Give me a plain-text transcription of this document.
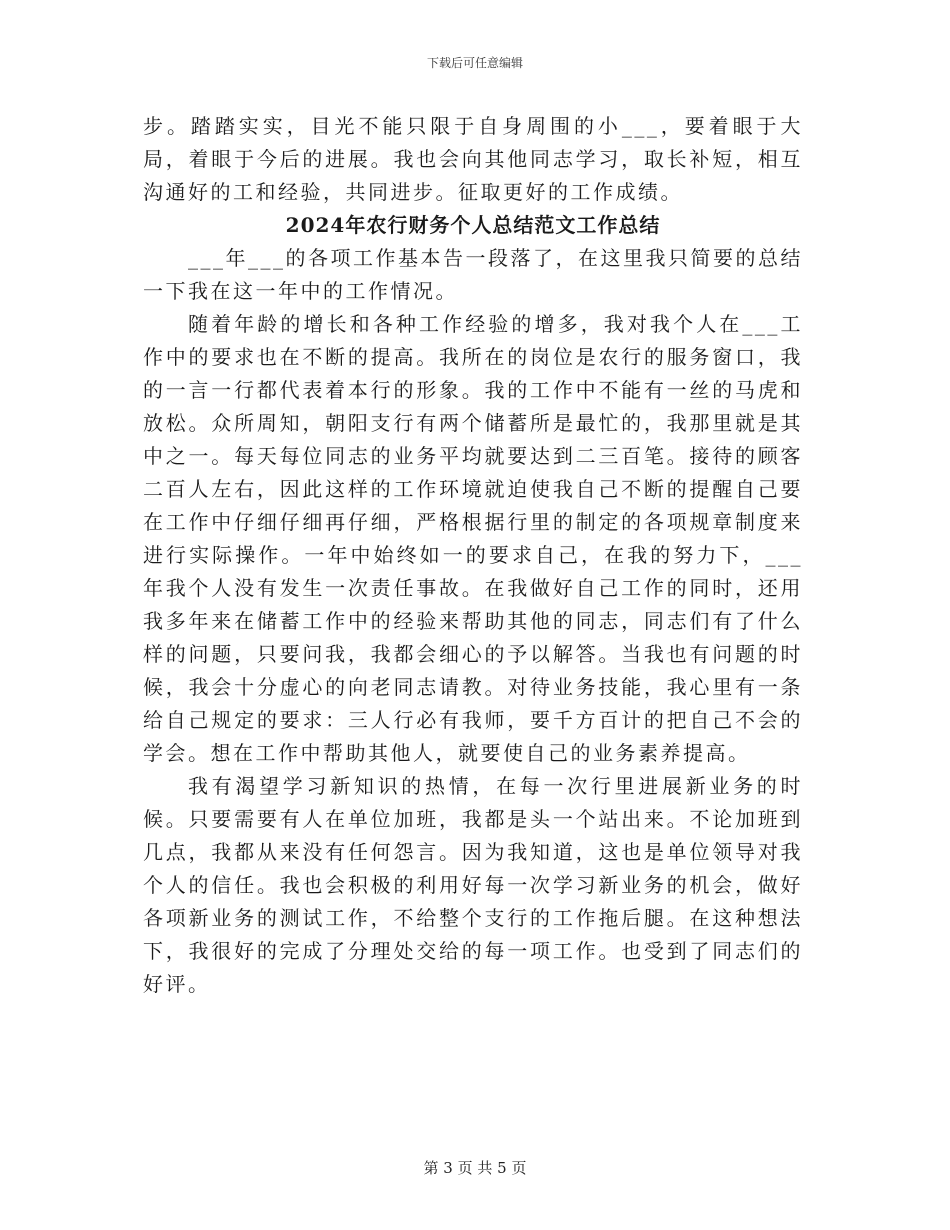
下载后可任意编辑

步。踏踏实实，目光不能只限于自身周围的小___，要着眼于大局，着眼于今后的进展。我也会向其他同志学习，取长补短，相互沟通好的工和经验，共同进步。征取更好的工作成绩。

2024年农行财务个人总结范文工作总结

___年___的各项工作基本告一段落了，在这里我只简要的总结一下我在这一年中的工作情况。

随着年龄的增长和各种工作经验的增多，我对我个人在___工作中的要求也在不断的提高。我所在的岗位是农行的服务窗口，我的一言一行都代表着本行的形象。我的工作中不能有一丝的马虎和放松。众所周知，朝阳支行有两个储蓄所是最忙的，我那里就是其中之一。每天每位同志的业务平均就要达到二三百笔。接待的顾客二百人左右，因此这样的工作环境就迫使我自己不断的提醒自己要在工作中仔细仔细再仔细，严格根据行里的制定的各项规章制度来进行实际操作。一年中始终如一的要求自己，在我的努力下，___年我个人没有发生一次责任事故。在我做好自己工作的同时，还用我多年来在储蓄工作中的经验来帮助其他的同志，同志们有了什么样的问题，只要问我，我都会细心的予以解答。当我也有问题的时候，我会十分虚心的向老同志请教。对待业务技能，我心里有一条给自己规定的要求：三人行必有我师，要千方百计的把自己不会的学会。想在工作中帮助其他人，就要使自己的业务素养提高。

我有渴望学习新知识的热情，在每一次行里进展新业务的时候。只要需要有人在单位加班，我都是头一个站出来。不论加班到几点，我都从来没有任何怨言。因为我知道，这也是单位领导对我个人的信任。我也会积极的利用好每一次学习新业务的机会，做好各项新业务的测试工作，不给整个支行的工作拖后腿。在这种想法下，我很好的完成了分理处交给的每一项工作。也受到了同志们的好评。

第 3 页 共 5 页
